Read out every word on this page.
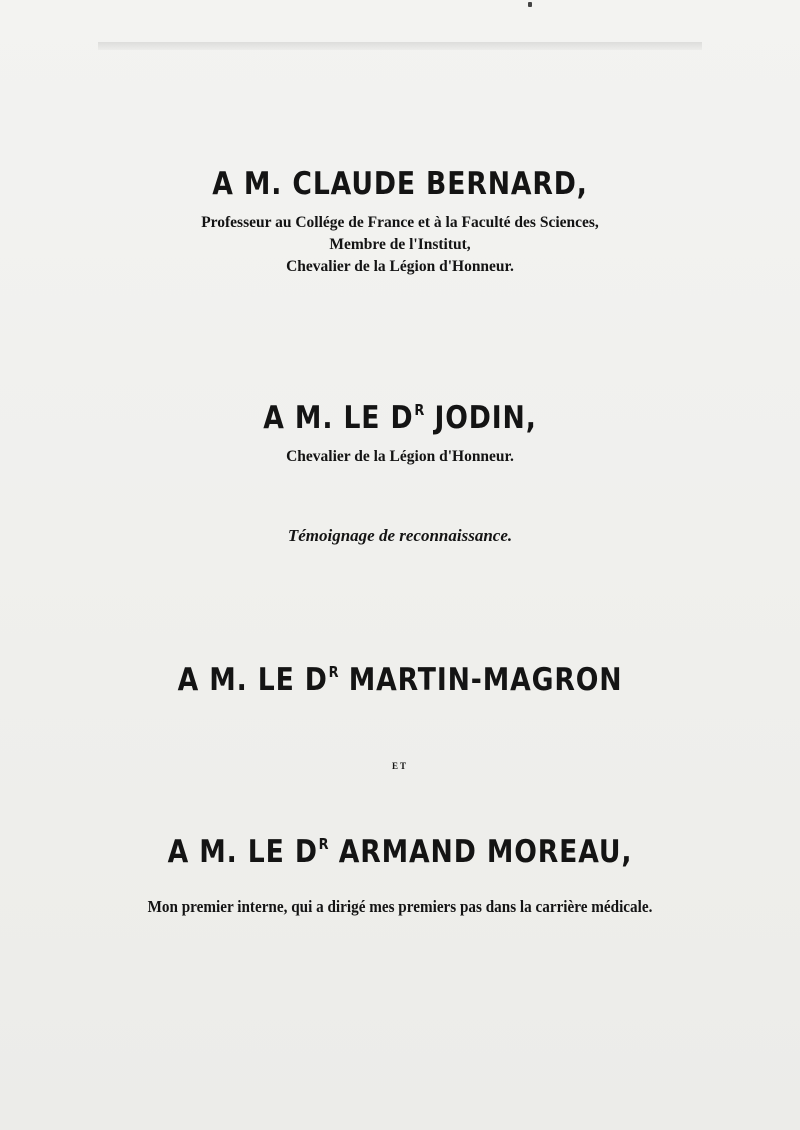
A M. CLAUDE BERNARD,
Professeur au Collége de France et à la Faculté des Sciences,
Membre de l'Institut,
Chevalier de la Légion d'Honneur.
A M. LE $D^R$ JODIN,
Chevalier de la Légion d'Honneur.
Témoignage de reconnaissance.
A M. LE $D^R$ MARTIN-MAGRON
ET
A M. LE $D^R$ ARMAND MOREAU,
Mon premier interne, qui a dirigé mes premiers pas dans la carrière médicale.
